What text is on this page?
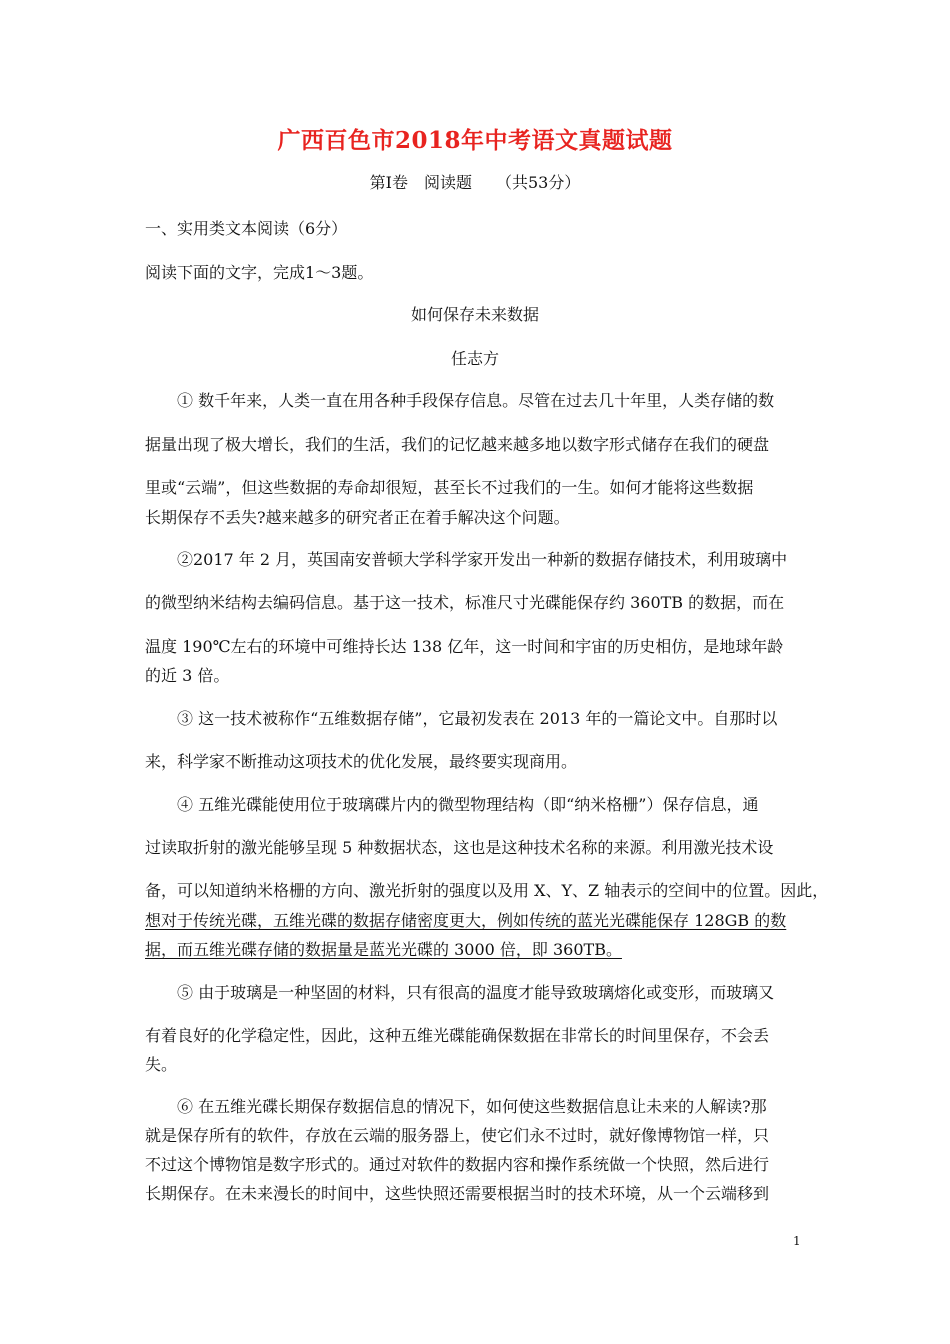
广西百色市2018年中考语文真题试题
第Ⅰ卷　阅读题　　（共53分）
一、实用类文本阅读（6分）
阅读下面的文字，完成1～3题。
如何保存未来数据
任志方
① 数千年来，人类一直在用各种手段保存信息。尽管在过去几十年里，人类存储的数
据量出现了极大增长，我们的生活，我们的记忆越来越多地以数字形式储存在我们的硬盘
里或“云端”，但这些数据的寿命却很短，甚至长不过我们的一生。如何才能将这些数据
长期保存不丢失?越来越多的研究者正在着手解决这个问题。
②2017 年 2 月，英国南安普顿大学科学家开发出一种新的数据存储技术，利用玻璃中
的微型纳米结构去编码信息。基于这一技术，标准尺寸光碟能保存约 360TB 的数据，而在
温度 190℃左右的环境中可维持长达 138 亿年，这一时间和宇宙的历史相仿，是地球年龄
的近 3 倍。
③ 这一技术被称作“五维数据存储”，它最初发表在 2013 年的一篇论文中。自那时以
来，科学家不断推动这项技术的优化发展，最终要实现商用。
④ 五维光碟能使用位于玻璃碟片内的微型物理结构（即“纳米格栅”）保存信息，通
过读取折射的激光能够呈现 5 种数据状态，这也是这种技术名称的来源。利用激光技术设
备，可以知道纳米格栅的方向、激光折射的强度以及用 X、Y、Z 轴表示的空间中的位置。因此，
想对于传统光碟，五维光碟的数据存储密度更大，例如传统的蓝光光碟能保存 128GB 的数
据，而五维光碟存储的数据量是蓝光光碟的 3000 倍，即 360TB。
⑤ 由于玻璃是一种坚固的材料，只有很高的温度才能导致玻璃熔化或变形，而玻璃又
有着良好的化学稳定性，因此，这种五维光碟能确保数据在非常长的时间里保存，不会丢
失。
⑥ 在五维光碟长期保存数据信息的情况下，如何使这些数据信息让未来的人解读?那
就是保存所有的软件，存放在云端的服务器上，使它们永不过时，就好像博物馆一样，只
不过这个博物馆是数字形式的。通过对软件的数据内容和操作系统做一个快照，然后进行
长期保存。在未来漫长的时间中，这些快照还需要根据当时的技术环境，从一个云端移到
1
